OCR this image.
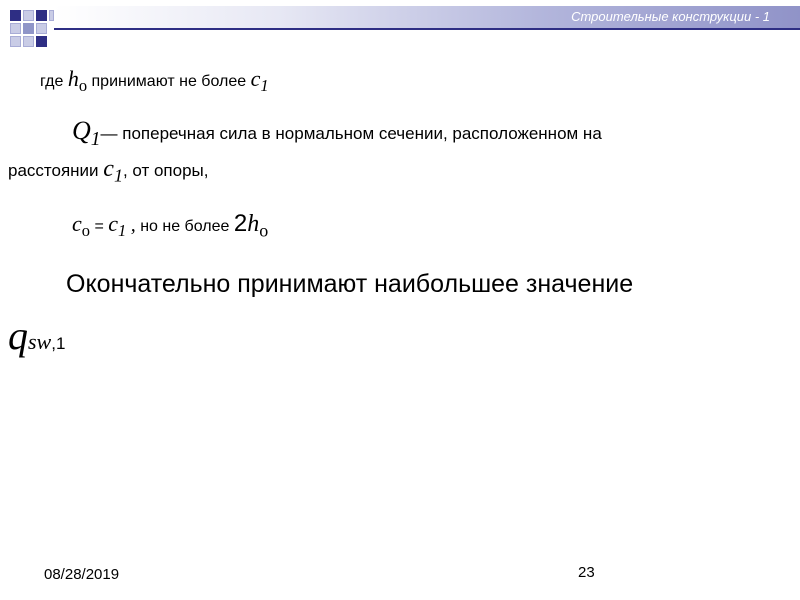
Строительные конструкции - 1
где $h_o$ принимают не более $c_1$
$Q_1—$ поперечная сила в нормальном сечении, расположенном на
расстоянии $c_1$, от опоры,
$c_o = c_1$ , но не более $2h_o$
Окончательно принимают наибольшее значение
qsw,1
08/28/2019	23
